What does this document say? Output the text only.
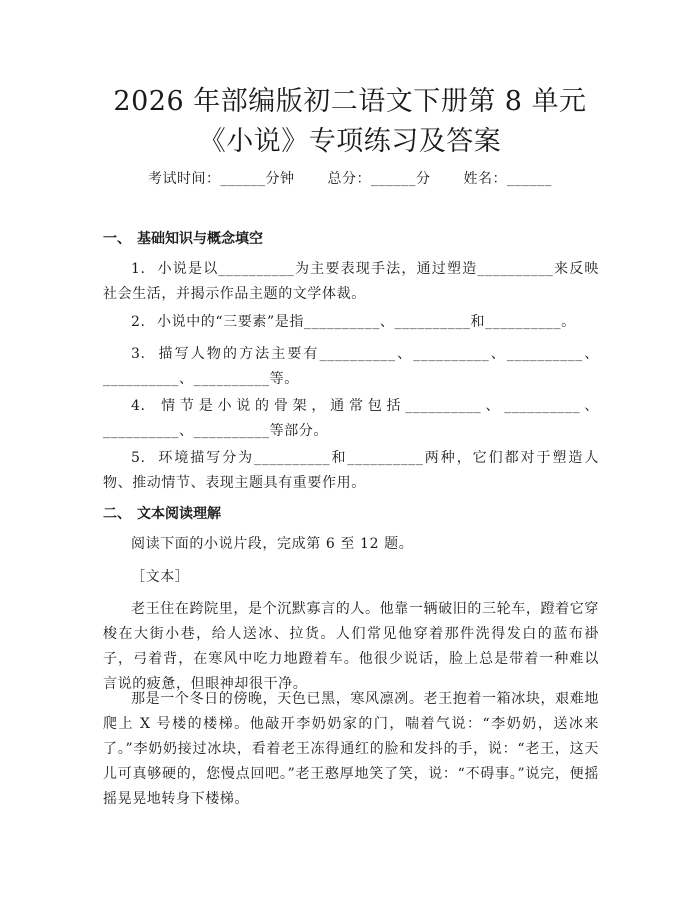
2026 年部编版初二语文下册第 8 单元《小说》专项练习及答案
考试时间：______分钟 总分：______分 姓名：______
一、 基础知识与概念填空

1. 小说是以__________为主要表现手法，通过塑造__________来反映社会生活，并揭示作品主题的文学体裁。

2. 小说中的“三要素”是指__________、__________和__________。

3. 描写人物的方法主要有__________、__________、__________、__________、__________等。

4. 情节是小说的骨架，通常包括__________、__________、__________、__________等部分。

5. 环境描写分为__________和__________两种，它们都对于塑造人物、推动情节、表现主题具有重要作用。

二、 文本阅读理解

阅读下面的小说片段，完成第 6 至 12 题。

［文本］

老王住在跨院里，是个沉默寡言的人。他靠一辆破旧的三轮车，蹬着它穿梭在大街小巷，给人送冰、拉货。人们常见他穿着那件洗得发白的蓝布褂子，弓着背，在寒风中吃力地蹬着车。他很少说话，脸上总是带着一种难以言说的疲惫，但眼神却很干净。

那是一个冬日的傍晚，天色已黑，寒风凛冽。老王抱着一箱冰块，艰难地爬上 X 号楼的楼梯。他敲开李奶奶家的门，喘着气说：“李奶奶，送冰来了。”李奶奶接过冰块，看着老王冻得通红的脸和发抖的手，说：“老王，这天儿可真够硬的，您慢点回吧。”老王憨厚地笑了笑，说：“不碍事。”说完，便摇摇晃晃地转身下楼梯。
